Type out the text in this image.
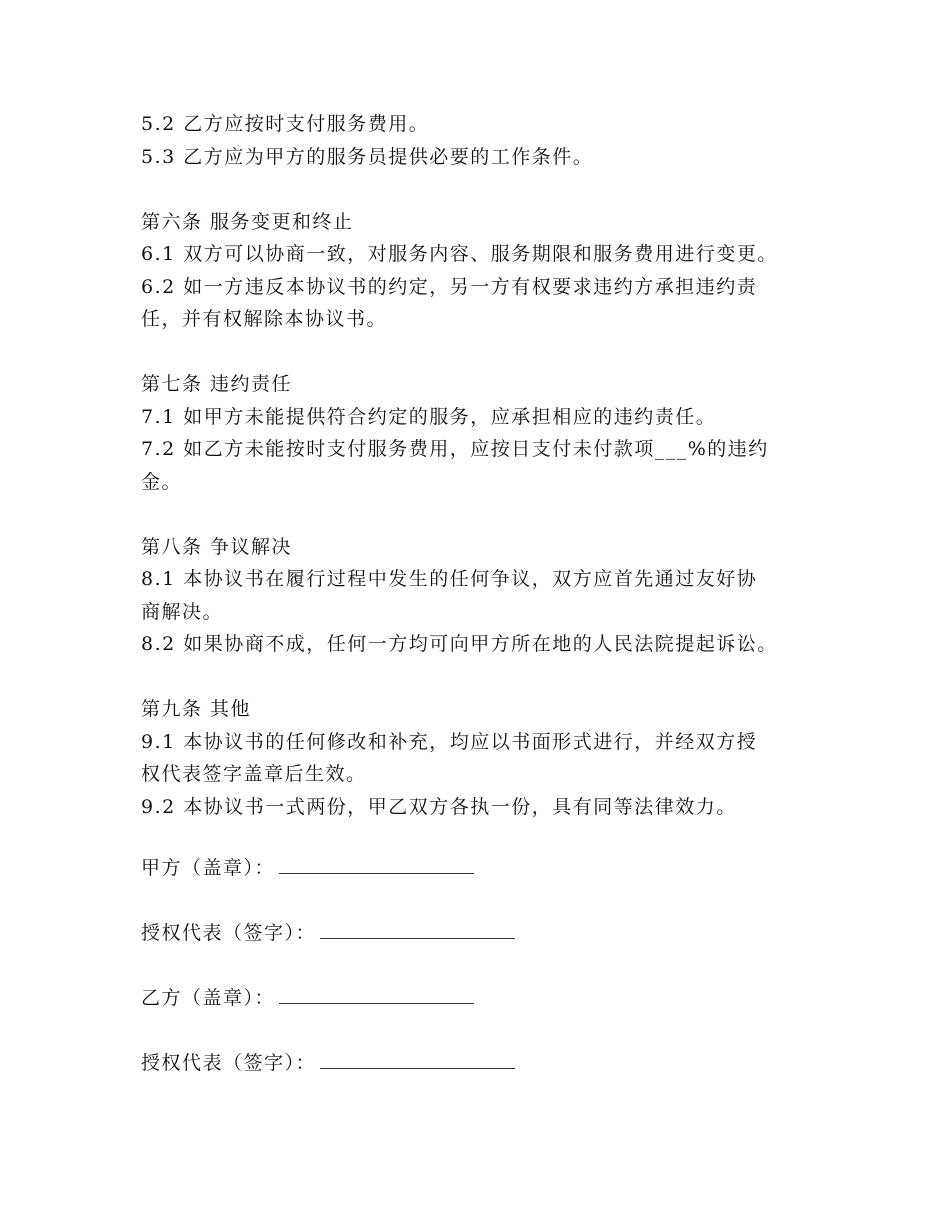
5.2 乙方应按时支付服务费用。
5.3 乙方应为甲方的服务员提供必要的工作条件。
第六条 服务变更和终止
6.1 双方可以协商一致，对服务内容、服务期限和服务费用进行变更。
6.2 如一方违反本协议书的约定，另一方有权要求违约方承担违约责
任，并有权解除本协议书。
第七条 违约责任
7.1 如甲方未能提供符合约定的服务，应承担相应的违约责任。
7.2 如乙方未能按时支付服务费用，应按日支付未付款项___%的违约
金。
第八条 争议解决
8.1 本协议书在履行过程中发生的任何争议，双方应首先通过友好协
商解决。
8.2 如果协商不成，任何一方均可向甲方所在地的人民法院提起诉讼。
第九条 其他
9.1 本协议书的任何修改和补充，均应以书面形式进行，并经双方授
权代表签字盖章后生效。
9.2 本协议书一式两份，甲乙双方各执一份，具有同等法律效力。
甲方（盖章）：
授权代表（签字）：
乙方（盖章）：
授权代表（签字）：
